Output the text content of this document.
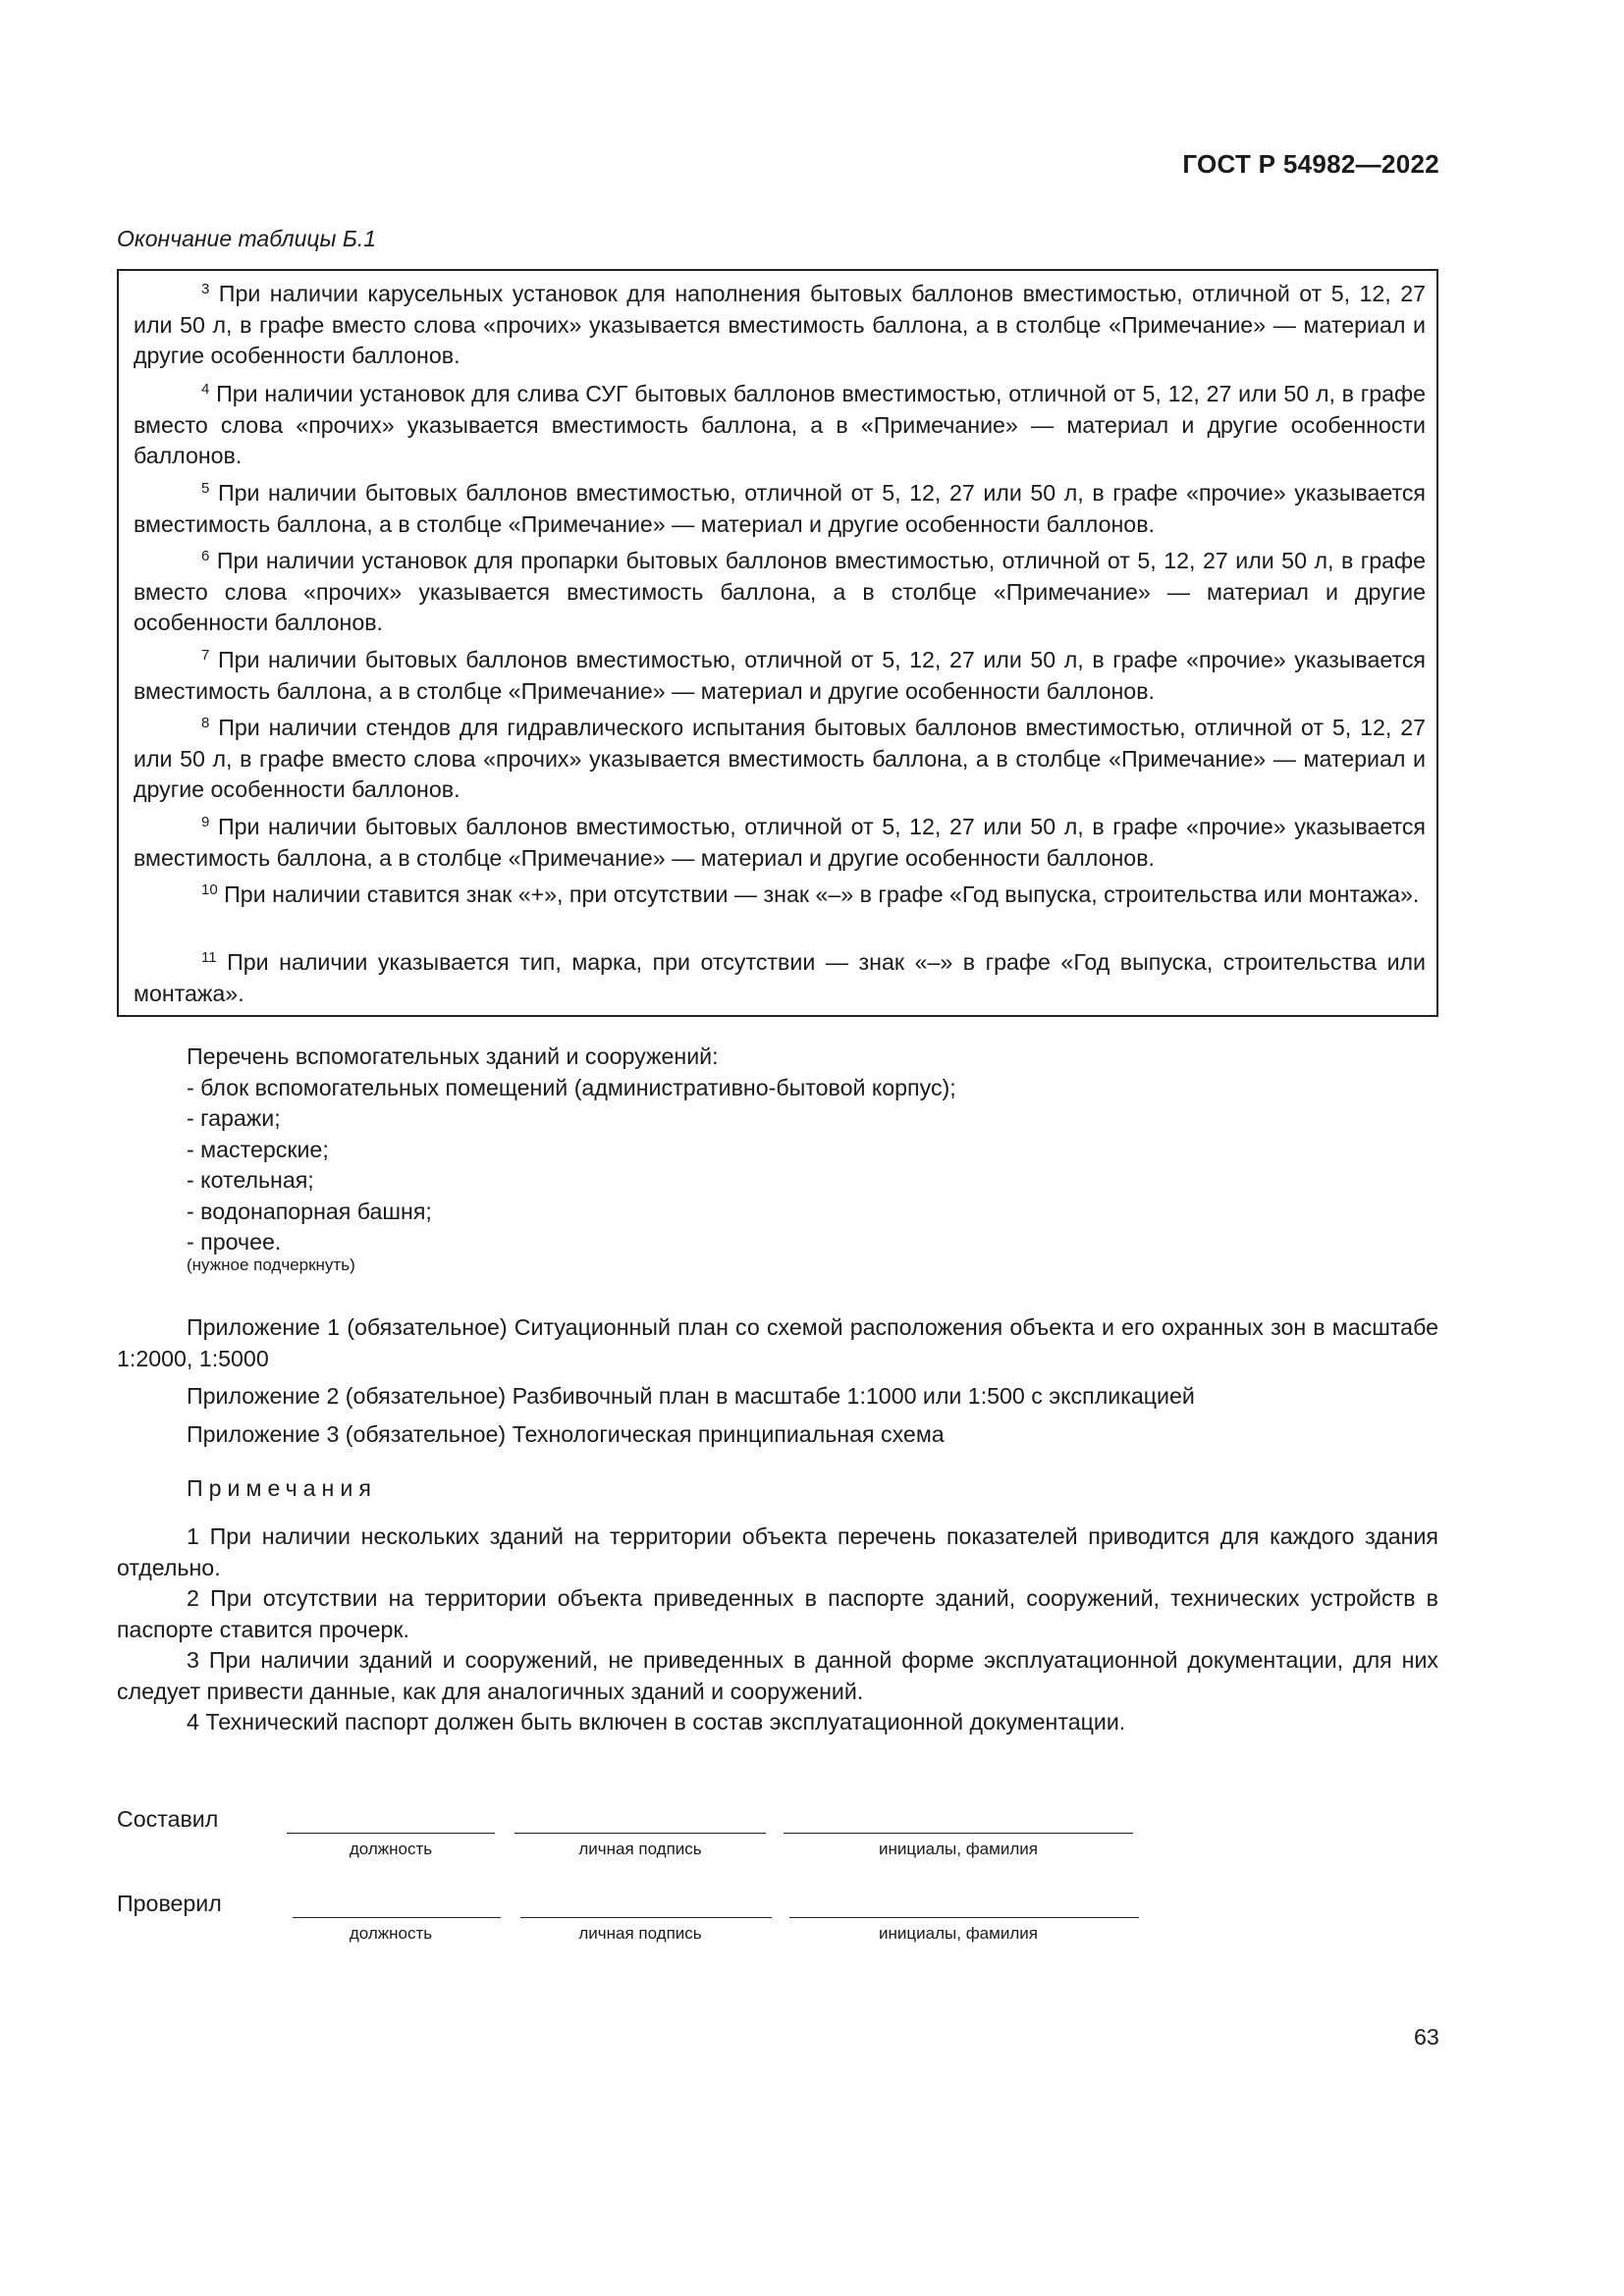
ГОСТ Р 54982—2022
Окончание таблицы Б.1
$^3$ При наличии карусельных установок для наполнения бытовых баллонов вместимостью, отличной от 5, 12, 27 или 50 л, в графе вместо слова «прочих» указывается вместимость баллона, а в столбце «Примечание» — материал и другие особенности баллонов.
$^4$ При наличии установок для слива СУГ бытовых баллонов вместимостью, отличной от 5, 12, 27 или 50 л, в графе вместо слова «прочих» указывается вместимость баллона, а в «Примечание» — материал и другие особенности баллонов.
$^5$ При наличии бытовых баллонов вместимостью, отличной от 5, 12, 27 или 50 л, в графе «прочие» указывается вместимость баллона, а в столбце «Примечание» — материал и другие особенности баллонов.
$^6$ При наличии установок для пропарки бытовых баллонов вместимостью, отличной от 5, 12, 27 или 50 л, в графе вместо слова «прочих» указывается вместимость баллона, а в столбце «Примечание» — материал и другие особенности баллонов.
$^7$ При наличии бытовых баллонов вместимостью, отличной от 5, 12, 27 или 50 л, в графе «прочие» указывается вместимость баллона, а в столбце «Примечание» — материал и другие особенности баллонов.
$^8$ При наличии стендов для гидравлического испытания бытовых баллонов вместимостью, отличной от 5, 12, 27 или 50 л, в графе вместо слова «прочих» указывается вместимость баллона, а в столбце «Примечание» — материал и другие особенности баллонов.
$^9$ При наличии бытовых баллонов вместимостью, отличной от 5, 12, 27 или 50 л, в графе «прочие» указывается вместимость баллона, а в столбце «Примечание» — материал и другие особенности баллонов.
$^{10}$ При наличии ставится знак «+», при отсутствии — знак «–» в графе «Год выпуска, строительства или монтажа».
$^{11}$ При наличии указывается тип, марка, при отсутствии — знак «–» в графе «Год выпуска, строительства или монтажа».
Перечень вспомогательных зданий и сооружений:
- блок вспомогательных помещений (административно-бытовой корпус);
- гаражи;
- мастерские;
- котельная;
- водонапорная башня;
- прочее.
(нужное подчеркнуть)
Приложение 1 (обязательное) Ситуационный план со схемой расположения объекта и его охранных зон в масштабе 1:2000, 1:5000
Приложение 2 (обязательное) Разбивочный план в масштабе 1:1000 или 1:500 с экспликацией
Приложение 3 (обязательное) Технологическая принципиальная схема
Примечания
1 При наличии нескольких зданий на территории объекта перечень показателей приводится для каждого здания отдельно.
2 При отсутствии на территории объекта приведенных в паспорте зданий, сооружений, технических устройств в паспорте ставится прочерк.
3 При наличии зданий и сооружений, не приведенных в данной форме эксплуатационной документации, для них следует привести данные, как для аналогичных зданий и сооружений.
4 Технический паспорт должен быть включен в состав эксплуатационной документации.
Составил
должность	личная подпись	инициалы, фамилия
Проверил
должность	личная подпись	инициалы, фамилия
63
